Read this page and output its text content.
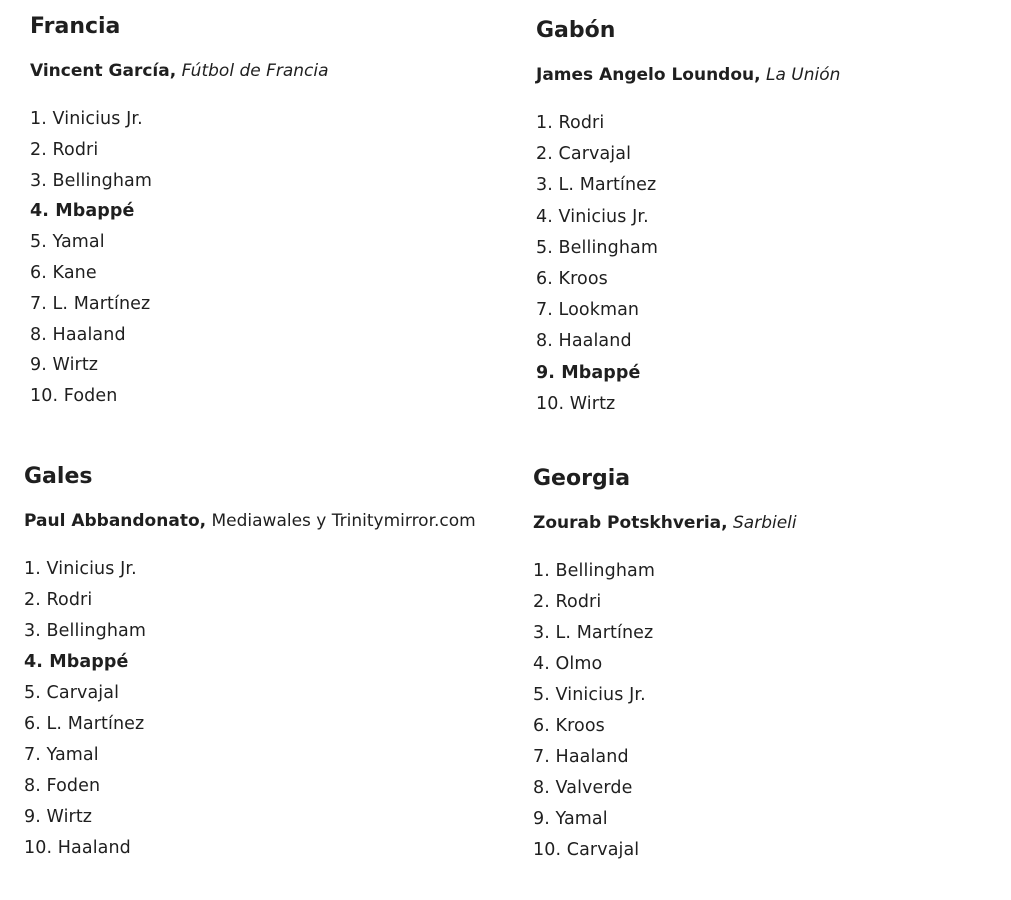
Francia
Vincent García, Fútbol de Francia
1. Vinicius Jr.
2. Rodri
3. Bellingham
4. Mbappé
5. Yamal
6. Kane
7. L. Martínez
8. Haaland
9. Wirtz
10. Foden
Gabón
James Angelo Loundou, La Unión
1. Rodri
2. Carvajal
3. L. Martínez
4. Vinicius Jr.
5. Bellingham
6. Kroos
7. Lookman
8. Haaland
9. Mbappé
10. Wirtz
Gales
Paul Abbandonato, Mediawales y Trinitymirror.com
1. Vinicius Jr.
2. Rodri
3. Bellingham
4. Mbappé
5. Carvajal
6. L. Martínez
7. Yamal
8. Foden
9. Wirtz
10. Haaland
Georgia
Zourab Potskhveria, Sarbieli
1. Bellingham
2. Rodri
3. L. Martínez
4. Olmo
5. Vinicius Jr.
6. Kroos
7. Haaland
8. Valverde
9. Yamal
10. Carvajal
